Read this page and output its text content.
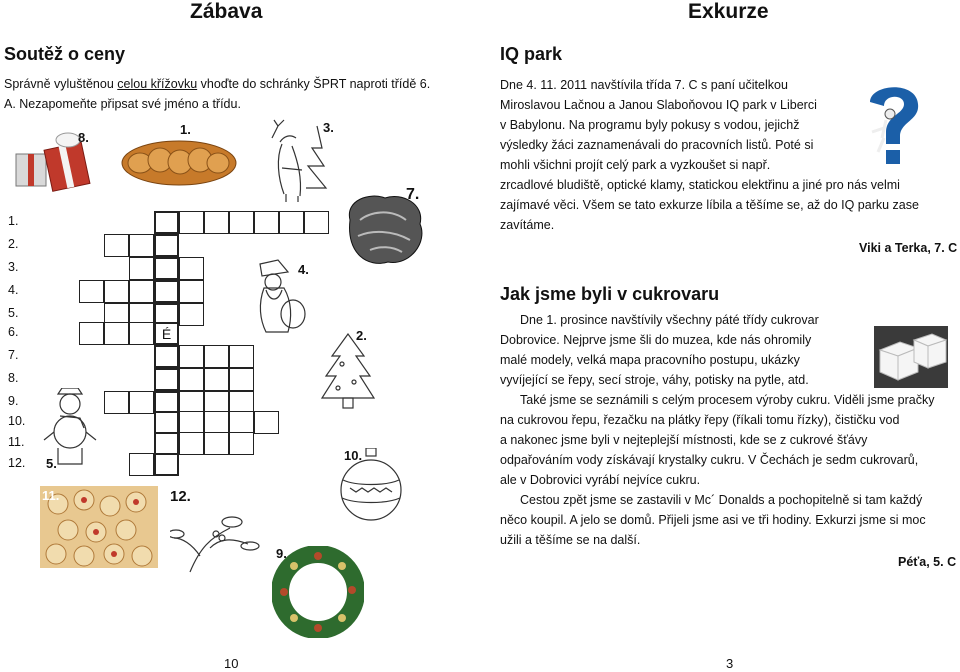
Zábava
Soutěž o ceny
Správně vyluštěnou celou křížovku vhoďte do schránky ŠPRT naproti třídě 6.
A. Nezapomeňte připsat své jméno a třídu.
1.
2.
3.
4.
5.
6.
7.
8.
9.
10.
11.
12.
É
8.
1.	3.
7.
4.
2.
5.
10.
11.	12.
9.
10
Exkurze
IQ park
Dne 4. 11. 2011 navštívila třída 7. C s paní učitelkou
Miroslavou Lačnou a Janou Slaboňovou IQ park v Liberci
v Babylonu. Na programu byly pokusy s vodou, jejichž
výsledky žáci zaznamenávali do pracovních listů. Poté si
mohli všichni projít celý park a vyzkoušet si např.
zrcadlové bludiště, optické klamy, statickou elektřinu a jiné pro nás velmi
zajímavé věci. Všem se tato exkurze líbila a těšíme se, až do IQ parku zase
zavítáme.
Viki a Terka, 7. C
Jak jsme byli v cukrovaru
Dne 1. prosince navštívily všechny páté třídy cukrovar
Dobrovice. Nejprve jsme šli do muzea, kde nás ohromily
malé modely, velká mapa pracovního postupu, ukázky
vyvíjející se řepy, secí stroje, váhy, potisky na pytle, atd.
Také jsme se seznámili s celým procesem výroby cukru. Viděli jsme pračky
na cukrovou řepu, řezačku na plátky řepy (říkali tomu řízky), čističku vod
a nakonec jsme byli v nejteplejší místnosti, kde se z cukrové šťávy
odpařováním vody získávají krystalky cukru. V Čechách je sedm cukrovarů,
ale v Dobrovici vyrábí nejvíce cukru.
Cestou zpět jsme se zastavili v Mc´ Donalds a pochopitelně si tam každý
něco koupil. A jelo se domů. Přijeli jsme asi ve tři hodiny. Exkurzi jsme si moc
užili a těšíme se na další.
Péťa, 5. C
3
